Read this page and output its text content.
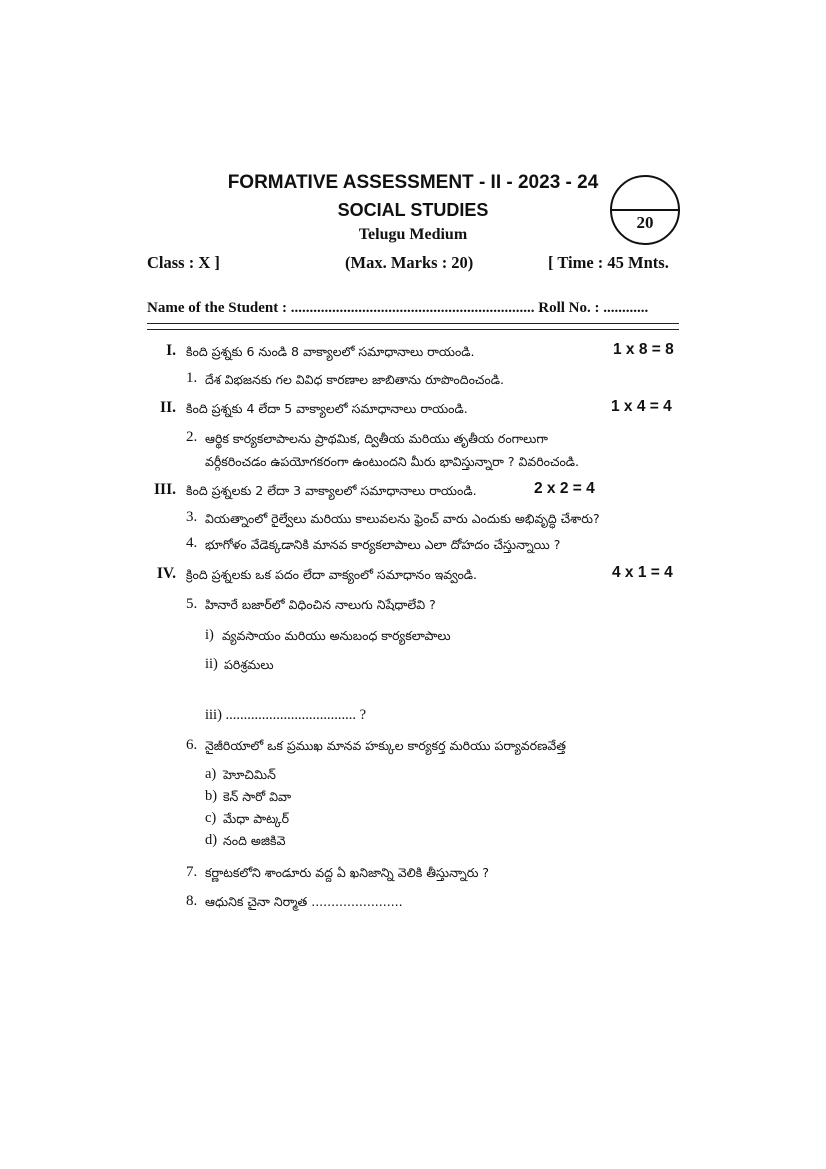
FORMATIVE ASSESSMENT - II - 2023 - 24
SOCIAL STUDIES
Telugu Medium
20
Class : X ]	(Max. Marks : 20)	[ Time : 45 Mnts.
Name of the Student : ................................................................. Roll No. : ............
I. కింది ప్రశ్నకు 6 నుండి 8 వాక్యాలలో సమాధానాలు రాయండి.	1 x 8 = 8
1. దేశ విభజనకు గల వివిధ కారణాల జాబితాను రూపొందించండి.
II. కింది ప్రశ్నకు 4 లేదా 5 వాక్యాలలో సమాధానాలు రాయండి.	1 x 4 = 4
2. ఆర్థిక కార్యకలాపాలను ప్రాథమిక, ద్వితీయ మరియు తృతీయ రంగాలుగా
వర్గీకరించడం ఉపయోగకరంగా ఉంటుందని మీరు భావిస్తున్నారా ? వివరించండి.
III. కింది ప్రశ్నలకు 2 లేదా 3 వాక్యాలలో సమాధానాలు రాయండి.	2 x 2 = 4
3. వియత్నాంలో రైల్వేలు మరియు కాలువలను ఫ్రెంచ్ వారు ఎందుకు అభివృద్ధి చేశారు?
4. భూగోళం వేడెక్కడానికి మానవ కార్యకలాపాలు ఎలా దోహదం చేస్తున్నాయి ?
IV. క్రింది ప్రశ్నలకు ఒక పదం లేదా వాక్యంలో సమాధానం ఇవ్వండి.	4 x 1 = 4
5. హినారే బజార్‌లో విధించిన నాలుగు నిషేధాలేవి ?
i) వ్యవసాయం మరియు అనుబంధ కార్యకలాపాలు
ii) పరిశ్రమలు
iii) .................................... ?
6. నైజీరియాలో ఒక ప్రముఖ మానవ హక్కుల కార్యకర్త మరియు పర్యావరణవేత్త
a) హెూచిమిన్
b) కెన్ సారో వివా
c) మేధా పాట్కర్
d) నంది అజికివె
7. కర్ణాటకలోని శాండూరు వద్ద ఏ ఖనిజాన్ని వెలికి తీస్తున్నారు ?
8. ఆధునిక చైనా నిర్మాత .......................
